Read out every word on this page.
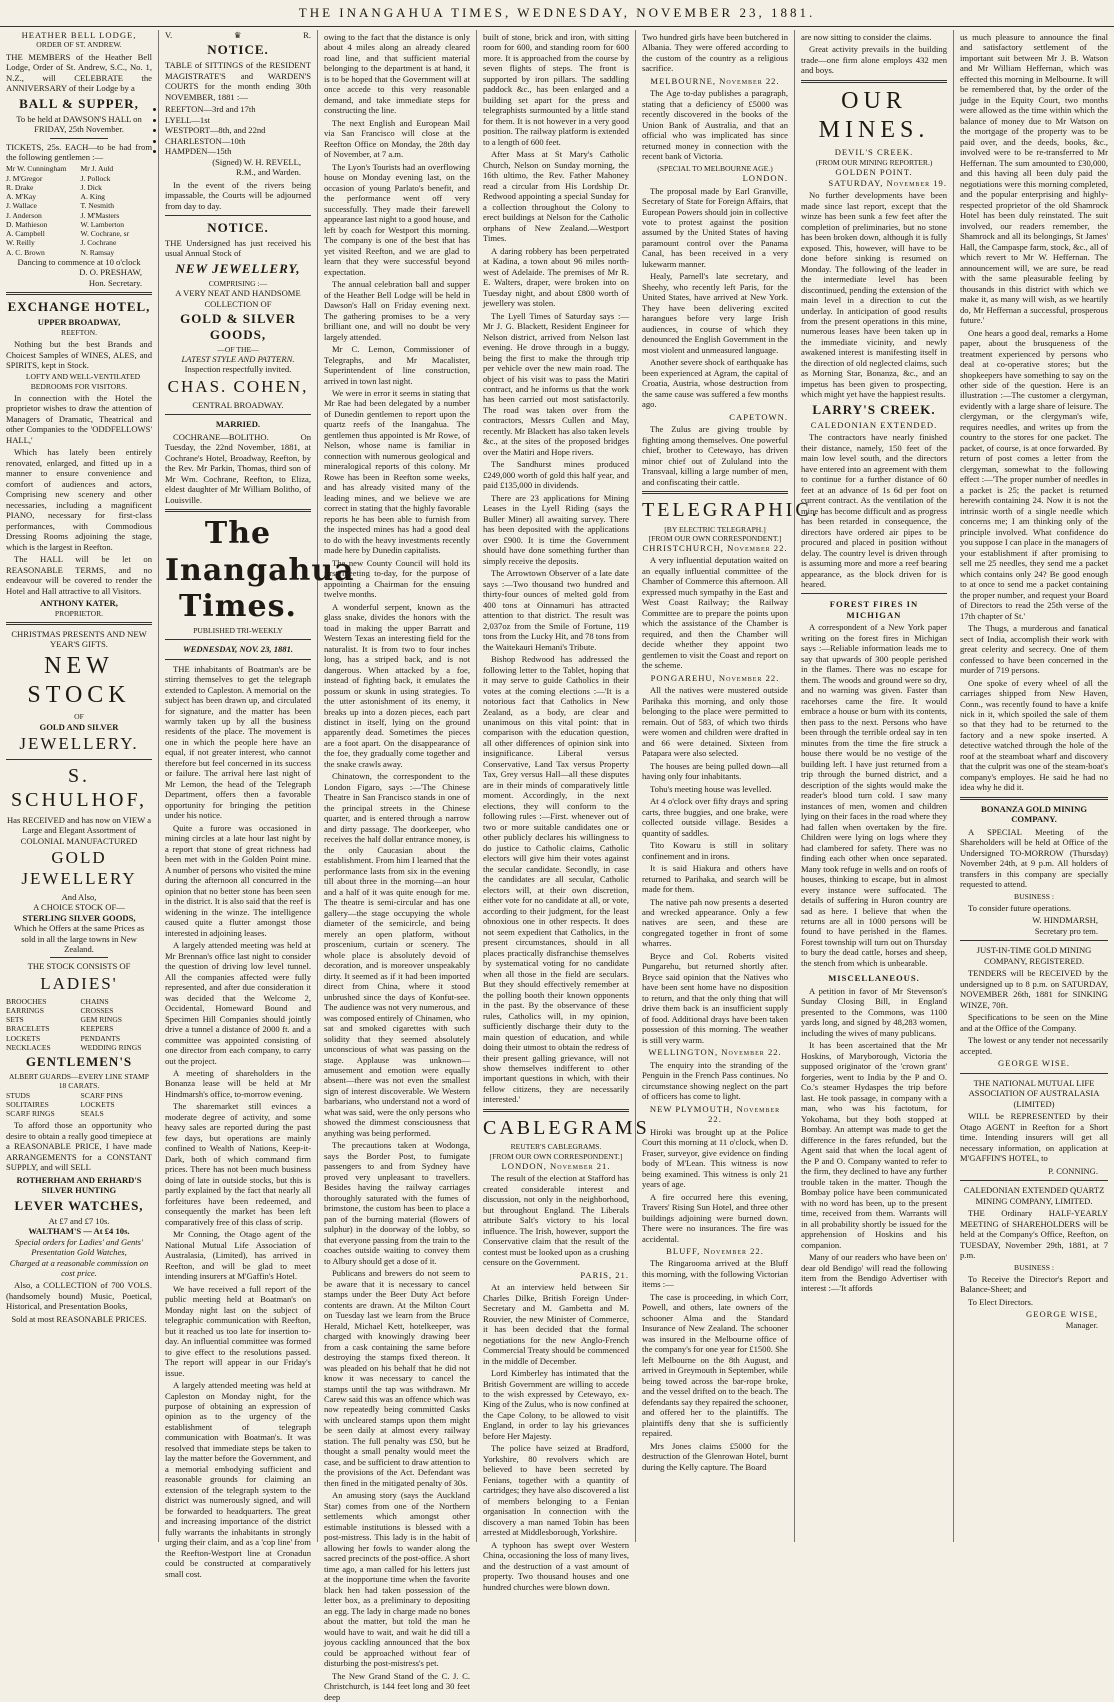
THE INANGAHUA TIMES, WEDNESDAY, NOVEMBER 23, 1881.
HEATHER BELL LODGE,
ORDER OF ST. ANDREW.

THE MEMBERS of the Heather Bell Lodge, Order of St. Andrew, S.C., No. 1, N.Z., will CELEBRATE the ANNIVERSARY of their Lodge by a

BALL & SUPPER,
To be held at DAWSON'S HALL on FRIDAY, 25th November.

TICKETS, 25s. EACH—to be had from the following gentlemen :—

Mr W. Cunningham
J. M'Gregor
R. Drake
A. M'Kay
J. Wallace
J. Anderson
D. Mathieson
A. Campbell
W. Reilly
A. C. Brown
Mr J. Auld
J. Pollock
J. Dick
A. King
T. Nesmith
J. M'Masters
W. Lamberton
W. Cochrane, sr
J. Cochrane
N. Ramsay
Dancing to commence at 10 o'clock
D. O. PRESHAW,
Hon. Secretary.
EXCHANGE HOTEL,
UPPER BROADWAY,
REEFTON.

Nothing but the best Brands and Choicest Samples of WINES, ALES, and SPIRITS, kept in Stock.

LOFTY AND WELL-VENTILATED BEDROOMS FOR VISITORS.

In connection with the Hotel the proprietor wishes to draw the attention of Managers of Dramatic, Theatrical and other Companies to the 'ODDFELLOWS' HALL,'

Which has lately been entirely renovated, enlarged, and fitted up in a manner to ensure convenience and comfort of audiences and actors, Comprising new scenery and other necessaries, including a magnificent PIANO, necessary for first-class performances, with Commodious Dressing Rooms adjoining the stage, which is the largest in Reefton.

The HALL will be let on REASONABLE TERMS, and no endeavour will be covered to render the Hotel and Hall attractive to all Visitors.

ANTHONY KATER,
PROPRIETOR.
CHRISTMAS PRESENTS AND NEW YEAR'S GIFTS.
NEW STOCK
OF
GOLD AND SILVER
JEWELLERY.
S. SCHULHOF,
Has RECEIVED and has now on VIEW a Large and Elegant Assortment of
COLONIAL MANUFACTURED
GOLD JEWELLERY
And Also,
A CHOICE STOCK OF—
STERLING SILVER GOODS,
Which he Offers at the same Prices as sold in all the large towns in New Zealand.
THE STOCK CONSISTS OF
LADIES'
BROOCHES
EARRINGS
SETS
BRACELETS
LOCKETS
NECKLACES
CHAINS
CROSSES
GEM RINGS
KEEPERS
PENDANTS
WEDDING RINGS
GENTLEMEN'S
ALBERT GUARDS—EVERY LINE STAMP 18 CARATS.
STUDS
SOLITAIRES
SCARF RINGS
SCARF PINS
LOCKETS
SEALS

To afford those an opportunity who desire to obtain a really good timepiece at a REASONABLE PRICE, I have made ARRANGEMENTS for a CONSTANT SUPPLY, and will SELL

ROTHERHAM AND ERHARD'S
SILVER HUNTING
LEVER WATCHES,
At £7 and £7 10s.
WALTHAM'S — At £4 10s.
Special orders for Ladies' and Gents' Presentation Gold Watches,
Charged at a reasonable commission on cost price.

Also, a COLLECTION of 700 VOLS. (handsomely bound) Music, Poetical, Historical, and Presentation Books,

Sold at most REASONABLE PRICES.
V.	♛	R.
NOTICE.

TABLE of SITTINGS of the RESIDENT MAGISTRATE'S and WARDEN'S COURTS for the month ending 30th NOVEMBER, 1881 :—

• REEFTON—3rd and 17th
• LYELL—1st
• WESTPORT—8th, and 22nd
• CHARLESTON—10th
• HAMPDEN—15th
(Signed) W. H. REVELL,
R.M., and Warden.

In the event of the rivers being impassable, the Courts will be adjourned from day to day.

NOTICE.

THE Undersigned has just received his usual Annual Stock of

NEW JEWELLERY,
COMPRISING :—
A VERY NEAT AND HANDSOME COLLECTION OF
GOLD & SILVER GOODS,
—OF THE—
LATEST STYLE AND PATTERN.
Inspection respectfully invited.
CHAS. COHEN,
CENTRAL BROADWAY.
MARRIED.

COCHRANE—BOLITHO. On Tuesday, the 22nd November, 1881, at Cochrane's Hotel, Broadway, Reefton, by the Rev. Mr Parkin, Thomas, third son of Mr Wm. Cochrane, Reefton, to Eliza, eldest daughter of Mr William Bolitho, of Louisville.

The Inangahua Times.
PUBLISHED TRI-WEEKLY
WEDNESDAY, NOV. 23, 1881.

THE inhabitants of Boatman's are be stirring themselves to get the telegraph extended to Capleston. A memorial on the subject has been drawn up, and circulated for signature, and the matter has been warmly taken up by all the business residents of the place. The movement is one in which the people here have an equal, if not greater interest, who cannot therefore but feel concerned in its success or failure. The arrival here last night of Mr Lemon, the head of the Telegraph Department, offers then a favorable opportunity for bringing the petition under his notice.

Quite a furore was occasioned in mining circles at a late hour last night by a report that stone of great richness had been met with in the Golden Point mine. A number of persons who visited the mine during the afternoon all concurred in the opinion that no better stone has been seen in the district. It is also said that the reef is widening in the winze. The intelligence caused quite a flutter amongst those interested in adjoining leases.

A largely attended meeting was held at Mr Brennan's office last night to consider the question of driving low level tunnel. All the companies affected were fully represented, and after due consideration it was decided that the Welcome 2, Occidental, Homeward Bound and Specimen Hill Companies should jointly drive a tunnel a distance of 2000 ft. and a committee was appointed consisting of one director from each company, to carry out the project.

A meeting of shareholders in the Bonanza lease will be held at Mr Hindmarsh's office, to-morrow evening.

The sharemarket still evinces a moderate degree of activity, and some heavy sales are reported during the past few days, but operations are mainly confined to Wealth of Nations, Keep-it-Dark, both of which command firm prices. There has not been much business doing of late in outside stocks, but this is partly explained by the fact that nearly all forfeitures have been redeemed, and consequently the market has been left comparatively free of this class of scrip.

Mr Conning, the Otago agent of the National Mutual Life Association of Australasia, (Limited), has arrived in Reefton, and will be glad to meet intending insurers at M'Gaffin's Hotel.

We have received a full report of the public meeting held at Boatman's on Monday night last on the subject of telegraphic communication with Reefton, but it reached us too late for insertion to-day. An influential committee was formed to give effect to the resolutions passed. The report will appear in our Friday's issue.

A largely attended meeting was held at Capleston on Monday night, for the purpose of obtaining an expression of opinion as to the urgency of the establishment of telegraph communication with Boatman's. It was resolved that immediate steps be taken to lay the matter before the Government, and a memorial embodying sufficient and reasonable grounds for claiming an extension of the telegraph system to the district was numerously signed, and will be forwarded to headquarters. The great and increasing importance of the district fully warrants the inhabitants in strongly urging their claim, and as a 'cop line' from the Reefton-Westport line at Cronadun could be constructed at comparatively small cost.

owing to the fact that the distance is only about 4 miles along an already cleared road line, and that sufficient material belonging to the department is at hand, it is to be hoped that the Government will at once accede to this very reasonable demand, and take immediate steps for constructing the line.

The next English and European Mail via San Francisco will close at the Reefton Office on Monday, the 28th day of November, at 7 a.m.

The Lyon's Tourists had an overflowing house on Monday evening last, on the occasion of young Parlato's benefit, and the performance went off very successfully. They made their farewell appearance last night to a good house, and left by coach for Westport this morning. The company is one of the best that has yet visited Reefton, and we are glad to learn that they were successful beyond expectation.

The annual celebration ball and supper of the Heather Bell Lodge will be held in Dawson's Hall on Friday evening next. The gathering promises to be a very brilliant one, and will no doubt be very largely attended.

Mr C. Lemon, Commissioner of Telegraphs, and Mr Macalister, Superintendent of line construction, arrived in town last night.

We were in error it seems in stating that Mr Rae had been delegated by a number of Dunedin gentlemen to report upon the quartz reefs of the Inangahua. The gentlemen thus appointed is Mr Rowe, of Nelson, whose name is familiar in connection with numerous geological and mineralogical reports of this colony. Mr Rowe has been in Reefton some weeks, and has already visited many of the leading mines, and we believe we are correct in stating that the highly favorable reports he has been able to furnish from the inspected mines has had a good deal to do with the heavy investments recently made here by Dunedin capitalists.

The new County Council will hold its first meeting to-day, for the purpose of appointing a Chairman for the ensuing twelve months.

A wonderful serpent, known as the glass snake, divides the honors with the toad in making the upper Barratt and Western Texas an interesting field for the naturalist. It is from two to four inches long, has a striped back, and is not dangerous. When attacked by a foe, instead of fighting back, it emulates the possum or skunk in using strategies. To the utter astonishment of its enemy, it breaks up into a dozen pieces, each part distinct in itself, lying on the ground apparently dead. Sometimes the pieces are a foot apart. On the disappearance of the foe, they gradually come together and the snake crawls away.

Chinatown, the correspondent to the London Figaro, says :—'The Chinese Theatre in San Francisco stands in one of the principal streets in the Chinese quarter, and is entered through a narrow and dirty passage. The doorkeeper, who receives the half dollar entrance money, is the only Caucasian about the establishment. From him I learned that the performance lasts from six in the evening till about three in the morning—an hour and a half of it was quite enough for me. The theatre is semi-circular and has one gallery—the stage occupying the whole diameter of the semicircle, and being merely an open platform, without proscenium, curtain or scenery. The whole place is absolutely devoid of decoration, and is moreover unspeakably dirty. It seemed as if it had been imported direct from China, where it stood unbrushed since the days of Konfut-see. The audience was not very numerous, and was composed entirely of Chinamen, who sat and smoked cigarettes with such solidity that they seemed absolutely unconscious of what was passing on the stage. Applause was unknown—amusement and emotion were equally absent—there was not even the smallest sign of interest discoverable. We Western barbarians, who understand not a word of what was said, were the only persons who showed the dimmest consciousness that anything was being performed.

The precautions taken at Wodonga, says the Border Post, to fumigate passengers to and from Sydney have proved very unpleasant to travellers. Besides having the railway carriages thoroughly saturated with the fumes of brimstone, the custom has been to place a pan of the burning material (flowers of sulphur) in the doorway of the lobby, so that everyone passing from the train to the coaches outside waiting to convey them to Albury should get a dose of it.

Publicans and brewers do not seem to be aware that it is necessary to cancel stamps under the Beer Duty Act before contents are drawn. At the Milton Court on Tuesday last we learn from the Bruce Herald, Michael Kett, hotelkeeper, was charged with knowingly drawing beer from a cask containing the same before destroying the stamps fixed thereon. It was pleaded on his behalf that he did not know it was necessary to cancel the stamps until the tap was withdrawn. Mr Carew said this was an offence which was now repeatedly being committed Casks with uncleared stamps upon them might be seen daily at almost every railway station. The full penalty was £50, but he thought a small penalty would meet the case, and be sufficient to draw attention to the provisions of the Act. Defendant was then fined in the mitigated penalty of 30s.

An amusing story (says the Auckland Star) comes from one of the Northern settlements which amongst other estimable institutions is blessed with a post-mistress. This lady is in the habit of allowing her fowls to wander along the sacred precincts of the post-office. A short time ago, a man called for his letters just at the inopportune time when the favorite black hen had taken possession of the letter box, as a preliminary to depositing an egg. The lady in charge made no bones about the matter, but told the man he would have to wait, and wait he did till a joyous cackling announced that the box could be approached without fear of disturbing the post-mistress's pet.

The New Grand Stand of the C. J. C. Christchurch, is 144 feet long and 30 feet deep

built of stone, brick and iron, with sitting room for 600, and standing room for 600 more. It is approached from the course by seven flights of steps. The front is supported by iron pillars. The saddling paddock &c., has been enlarged and a building set apart for the press and telegraphists surmounted by a little stand for them. It is not however in a very good position. The railway platform is extended to a length of 600 feet.

After Mass at St Mary's Catholic Church, Nelson on Sunday morning, the 16th ultimo, the Rev. Father Mahoney read a circular from His Lordship Dr. Redwood appointing a special Sunday for a collection throughout the Colony to erect buildings at Nelson for the Catholic orphans of New Zealand.—Westport Times.

A daring robbery has been perpetrated at Kadina, a town about 96 miles north-west of Adelaide. The premises of Mr R. E. Walters, draper, were broken into on Tuesday night, and about £800 worth of jewellery was stolen.

The Lyell Times of Saturday says :—Mr J. G. Blackett, Resident Engineer for Nelson district, arrived from Nelson last evening. He drove through in a buggy, being the first to make the through trip per vehicle over the new main road. The object of his visit was to pass the Matiri contract, and he informs us that the work has been carried out most satisfactorily. The road was taken over from the contractors, Messrs Cullen and May, recently. Mr Blackett has also taken levels &c., at the sites of the proposed bridges over the Matiri and Hope rivers.

The Sandhurst mines produced £249,000 worth of gold this half year, and paid £135,000 in dividends.

There are 23 applications for Mining Leases in the Lyell Riding (says the Buller Miner) all awaiting survey. There has been deposited with the applications over £900. It is time the Government should have done something further than simply receive the deposits.

The Arrowtown Observer of a late date says :—Two thousand two hundred and thirty-four ounces of melted gold from 400 tons at Oinnamuri has attracted attention to that district. The result was 2,037oz from the Smile of Fortune, 119 tons from the Lucky Hit, and 78 tons from the Waitekauri Hemani's Tribute.

Bishop Redwood has addressed the following letter to the Tablet, hoping that it may serve to guide Catholics in their votes at the coming elections :—'It is a notorious fact that Catholics in New Zealand, as a body, are clear and unanimous on this vital point: that in comparison with the education question, all other differences of opinion sink into insignificance. Liberal versus Conservative, Land Tax versus Property Tax, Grey versus Hall—all these disputes are in their minds of comparatively little moment. Accordingly, in the next elections, they will conform to the following rules :—First. whenever out of two or more suitable candidates one or other publicly declares his willingness to do justice to Catholic claims, Catholic electors will give him their votes against the secular candidate. Secondly, in case the candidates are all secular, Catholic electors will, at their own discretion, either vote for no candidate at all, or vote, according to their judgment, for the least obnoxious one in other respects. It does not seem expedient that Catholics, in the present circumstances, should in all places practically disfranchise themselves by systematical voting for no candidate when all those in the field are seculars. But they should effectively remember at the polling booth their known opponents in the past. By the observance of these rules, Catholics will, in my opinion, sufficiently discharge their duty to the main question of education, and while doing their utmost to obtain the redress of their present galling grievance, will not show themselves indifferent to other important questions in which, with their fellow citizens, they are necessarily interested.'

CABLEGRAMS
REUTER'S CABLEGRAMS.
[FROM OUR OWN CORRESPONDENT.]
LONDON, November 21.

The result of the election at Stafford has created considerable interest and discussion, not only in the neighborhood, but throughout England. The Liberals attribute Salt's victory to his local influence. The Irish, however, support the Conservative claim that the result of the contest must be looked upon as a crushing censure on the Government.

PARIS, 21.

At an interview held between Sir Charles Dilke, British Foreign Under-Secretary and M. Gambetta and M. Rouvier, the new Minister of Commerce, it has been decided that the formal negotiations for the new Anglo-French Commercial Treaty should be commenced in the middle of December.

Lord Kimberley has intimated that the British Government are willing to accede to the wish expressed by Cetewayo, ex-King of the Zulus, who is now confined at the Cape Colony, to be allowed to visit England, in order to lay his grievances before Her Majesty.

The police have seized at Bradford, Yorkshire, 80 revolvers which are believed to have been secreted by Fenians, together with a quantity of cartridges; they have also discovered a list of members belonging to a Fenian organisation In connection with the discovery a man named Tobin has been arrested at Middlesborough, Yorkshire.

A typhoon has swept over Western China, occasioning the loss of many lives, and the destruction of a vast amount of property. Two thousand houses and one hundred churches were blown down.

Two hundred girls have been butchered in Albania. They were offered according to the custom of the country as a religious sacrifice.

MELBOURNE, November 22.

The Age to-day publishes a paragraph, stating that a deficiency of £5000 was recently discovered in the books of the Union Bank of Australia, and that an official who was implicated has since returned money in connection with the recent bank of Victoria.

(SPECIAL TO MELBOURNE AGE.)
LONDON.

The proposal made by Earl Granville, Secretary of State for Foreign Affairs, that European Powers should join in collective vote to protest against the position assumed by the United States of having paramount control over the Panama Canal, has been received in a very lukewarm manner.

Healy, Parnell's late secretary, and Sheehy, who recently left Paris, for the United States, have arrived at New York. They have been delivering excited harangues before very large Irish audiences, in course of which they denounced the English Government in the most violent and unmeasured language.

Another severe shock of earthquake has been experienced at Agram, the capital of Croatia, Austria, whose destruction from the same cause was suffered a few months ago.

CAPETOWN.

The Zulus are giving trouble by fighting among themselves. One powerful chief, brother to Cetewayo, has driven minor chief out of Zululand into the Transvaal, killing a large number of men, and confiscating their cattle.

TELEGRAPHIC.
[BY ELECTRIC TELEGRAPH.]
[FROM OUR OWN CORRESPONDENT.]
CHRISTCHURCH, November 22.

A very influential deputation waited on an equally influential committee of the Chamber of Commerce this afternoon. All expressed much sympathy in the East and West Coast Railway; the Railway Committee are to prepare the points upon which the assistance of the Chamber is required, and then the Chamber will decide whether they appoint two gentlemen to visit the Coast and report on the scheme.

PONGAREHU, November 22.

All the natives were mustered outside Parihaka this morning, and only those belonging to the place were permitted to remain. Out of 583, of which two thirds were women and children were drafted in and 66 were detained. Sixteen from Patapara were also selected.

The houses are being pulled down—all having only four inhabitants.

Tohu's meeting house was levelled.

At 4 o'clock over fifty drays and spring carts, three buggies, and one brake, were collected outside village. Besides a quantity of saddles.

Tito Kowaru is still in solitary confinement and in irons.

It is said Hiakura and others have returned to Parihaka, and search will be made for them.

The native pah now presents a deserted and wrecked appearance. Only a few natives are seen, and these are congregated together in front of some wharres.

Bryce and Col. Roberts visited Pungarehu, but returned shortly after. Bryce said opinion that the Natives who have been sent home have no disposition to return, and that the only thing that will drive them back is an insufficient supply of food. Additional drays have been taken possession of this morning. The weather is still very warm.

WELLINGTON, November 22.

The enquiry into the stranding of the Penguin in the French Pass continues. No circumstance showing neglect on the part of officers has come to light.

NEW PLYMOUTH, November 22.

Hiroki was brought up at the Police Court this morning at 11 o'clock, when D. Fraser, surveyor, give evidence on finding body of M'Lean. This witness is now being examined. This witness is only 21 years of age.

A fire occurred here this evening, Travers' Rising Sun Hotel, and three other buildings adjoining were burned down. There were no insurances. The fire was accidental.

BLUFF, November 22.

The Ringarooma arrived at the Bluff this morning, with the following Victorian items :—

The case is proceeding, in which Corr, Powell, and others, late owners of the schooner Alma and the Standard Insurance of New Zealand. The schooner was insured in the Melbourne office of the company's for one year for £1500. She left Melbourne on the 8th August, and arrived in Greymouth in September, while being towed across the bar-rope broke, and the vessel drifted on to the beach. The defendants say they repaired the schooner, and offered her to the plaintiffs. The plaintiffs deny that she is sufficiently repaired.

Mrs Jones claims £5000 for the destruction of the Glenrowan Hotel, burnt during the Kelly capture. The Board

are now sitting to consider the claims.

Great activity prevails in the building trade—one firm alone employs 432 men and boys.

OUR MINES.
DEVIL'S CREEK.
(FROM OUR MINING REPORTER.)
GOLDEN POINT.
SATURDAY, November 19.

No further developments have been made since last report, except that the winze has been sunk a few feet after the completion of preliminaries, but no stone has been broken down, although it is fully exposed. This, however, will have to be done before sinking is resumed on Monday. The following of the leader in the intermediate level has been discontinued, pending the extension of the main level in a direction to cut the underlay. In anticipation of good results from the present operations in this mine, numerous leases have been taken up in the immediate vicinity, and newly awakened interest is manifesting itself in the direction of old neglected claims, such as Morning Star, Bonanza, &c., and an impetus has been given to prospecting, which might yet have the happiest results.

LARRY'S CREEK.
CALEDONIAN EXTENDED.

The contractors have nearly finished their distance, namely, 150 feet of the main low level south, and the directors have entered into an agreement with them to continue for a further distance of 60 feet at an advance of 1s 6d per foot on current contract. As the ventilation of the mine has become difficult and as progress has been retarded in consequence, the directors have ordered air pipes to be procured and placed in position without delay. The country level is driven through is assuming more and more a reef bearing appearance, as the block driven for is heared.

FOREST FIRES IN MICHIGAN

A correspondent of a New York paper writing on the forest fires in Michigan says :—Reliable information leads me to say that upwards of 300 people perished in the flames. There was no escape for them. The woods and ground were so dry, and no warning was given. Faster than racehorses came the fire. It would embrace a house or burn with its contents, then pass to the next. Persons who have been through the terrible ordeal say in ten minutes from the time the fire struck a house there would be no vestige of the building left. I have just returned from a trip through the burned district, and a description of the sights would make the reader's blood turn cold. I saw many instances of men, women and children lying on their faces in the road where they had fallen when overtaken by the fire. Children were lying on logs where they had clambered for safety. There was no finding each other when once separated. Many took refuge in wells and on roofs of houses, thinking to escape, but in almost every instance were suffocated. The details of suffering in Huron country are sad as here. I believe that when the returns are all in 1000 persons will be found to have perished in the flames. Forest township will turn out on Thursday to bury the dead cattle, horses and sheep, the stench from which is unbearable.

MISCELLANEOUS.

A petition in favor of Mr Stevenson's Sunday Closing Bill, in England presented to the Commons, was 1100 yards long, and signed by 48,283 women, including the wives of many publicans.

It has been ascertained that the Mr Hoskins, of Maryborough, Victoria the supposed originator of the 'crown grant' forgeries, went to India by the P and O. Co.'s steamer Hydaspes the trip before last. He took passage, in company with a man, who was his factotum, for Yokohama, but they both stopped at Bombay. An attempt was made to get the difference in the fares refunded, but the Agent said that when the local agent of the P and O. Company wanted to refer to the firm, they declined to have any further trouble taken in the matter. Though the Bombay police have been communicated with no word has been, up to the present time, received from them. Warrants will in all probability shortly be issued for the apprehension of Hoskins and his companion.

Many of our readers who have been on' dear old Bendigo' will read the following item from the Bendigo Advertiser with interest :—'It affords

us much pleasure to announce the final and satisfactory settlement of the important suit between Mr J. B. Watson and Mr William Heffernan, which was effected this morning in Melbourne. It will be remembered that, by the order of the judge in the Equity Court, two months were allowed as the time within which the balance of money due to Mr Watson on the mortgage of the property was to be paid over, and the deeds, books, &c., involved were to be re-transferred to Mr Heffernan. The sum amounted to £30,000, and this having all been duly paid the negotiations were this morning completed, and the popular enterprising and highly-respected proprietor of the old Shamrock Hotel has been duly reinstated. The suit involved, our readers remember, the Shamrock and all its belongings, St James' Hall, the Campaspe farm, stock, &c., all of which revert to Mr W. Heffernan. The announcement will, we are sure, be read with the same pleasurable feeling by thousands in this district with which we make it, as many will wish, as we heartily do, Mr Heffernan a successful, prosperous future.'

One hears a good deal, remarks a Home paper, about the brusqueness of the treatment experienced by persons who deal at co-operative stores; but the shopkeepers have something to say on the other side of the question. Here is an illustration :—The customer a clergyman, evidently with a large share of leisure. The clergyman, or the clergyman's wife, requires needles, and writes up from the country to the stores for one packet. The packet, of course, is at once forwarded. By return of post comes a letter from the clergyman, somewhat to the following effect :—'The proper number of needles in a packet is 25; the packet is returned herewith containing 24. Now it is not the intrinsic worth of a single needle which concerns me; I am thinking only of the principle involved. What confidence do you suppose I can place in the managers of your establishment if after promising to sell me 25 needles, they send me a packet which contains only 24? Be good enough to at once to send me a packet containing the proper number, and request your Board of Directors to read the 25th verse of the 17th chapter of St.'

The Thugs, a murderous and fanatical sect of India, accomplish their work with great celerity and secrecy. One of them confessed to have been concerned in the murder of 719 persons.

One spoke of every wheel of all the carriages shipped from New Haven, Conn., was recently found to have a knife nick in it, which spoiled the sale of them so that they had to be returned to the factory and a new spoke inserted. A detective watched through the hole of the roof at the steamboat wharf and discovery that the culprit was one of the steam-boat's company's employes. He said he had no idea why he did it.

BONANZA GOLD MINING COMPANY.

A SPECIAL Meeting of the Shareholders will be held at Office of the Undersigned TO-MORROW (Thursday) November 24th, at 9 p.m. All holders of transfers in this company are specially requested to attend.

BUSINESS :

To consider future operations.

W. HINDMARSH,
Secretary pro tem.
JUST-IN-TIME GOLD MINING COMPANY, REGISTERED.

TENDERS will be RECEIVED by the undersigned up to 8 p.m. on SATURDAY, NOVEMBER 26th, 1881 for SINKING WINZE, 70ft.

Specifications to be seen on the Mine and at the Office of the Company.

The lowest or any tender not necessarily accepted.

GEORGE WISE.
THE NATIONAL MUTUAL LIFE ASSOCIATION OF AUSTRALASIA (LIMITED)

WILL be REPRESENTED by their Otago AGENT in Reefton for a Short time. Intending insurers will get all necessary information, on application at M'GAFFIN'S HOTEL, to

P. CONNING.
CALEDONIAN EXTENDED QUARTZ MINING COMPANY, LIMITED.

THE Ordinary HALF-YEARLY MEETING of SHAREHOLDERS will be held at the Company's Office, Reefton, on TUESDAY, November 29th, 1881, at 7 p.m.

BUSINESS :

To Receive the Director's Report and Balance-Sheet; and

To Elect Directors.

GEORGE WISE,
Manager.
